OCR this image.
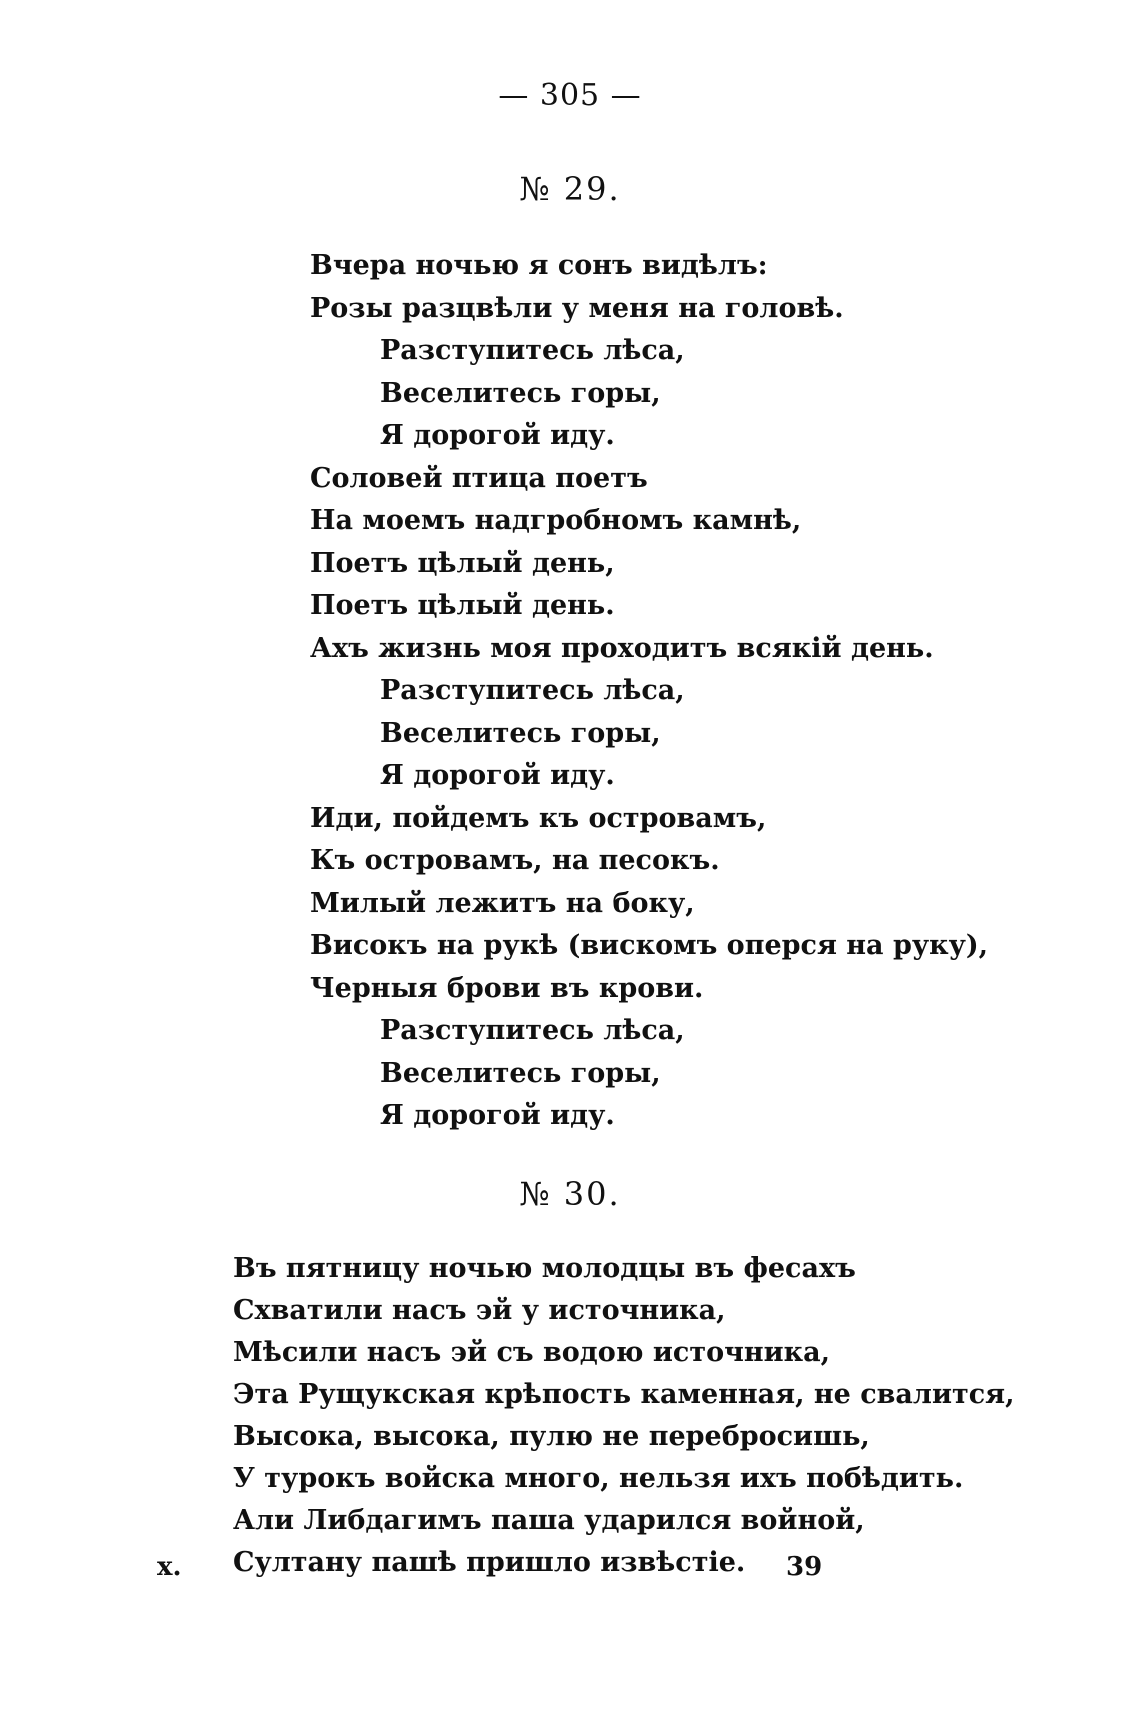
— 305 —
№ 29.
Вчера ночью я сонъ видѣлъ:
Розы разцвѣли у меня на головѣ.
Разступитесь лѣса,
Веселитесь горы,
Я дорогой иду.
Соловей птица поетъ
На моемъ надгробномъ камнѣ,
Поетъ цѣлый день,
Поетъ цѣлый день.
Ахъ жизнь моя проходитъ всякій день.
Разступитесь лѣса,
Веселитесь горы,
Я дорогой иду.
Иди, пойдемъ къ островамъ,
Къ островамъ, на песокъ.
Милый лежитъ на боку,
Високъ на рукѣ (вискомъ оперся на руку),
Черныя брови въ крови.
Разступитесь лѣса,
Веселитесь горы,
Я дорогой иду.
№ 30.
Въ пятницу ночью молодцы въ фесахъ
Схватили насъ эй у источника,
Мѣсили насъ эй съ водою источника,
Эта Рущукская крѣпость каменная, не свалится,
Высока, высока, пулю не перебросишь,
У турокъ войска много, нельзя ихъ побѣдить.
Али Либдагимъ паша ударился войной,
Султану пашѣ пришло извѣстіе.
x.	39
